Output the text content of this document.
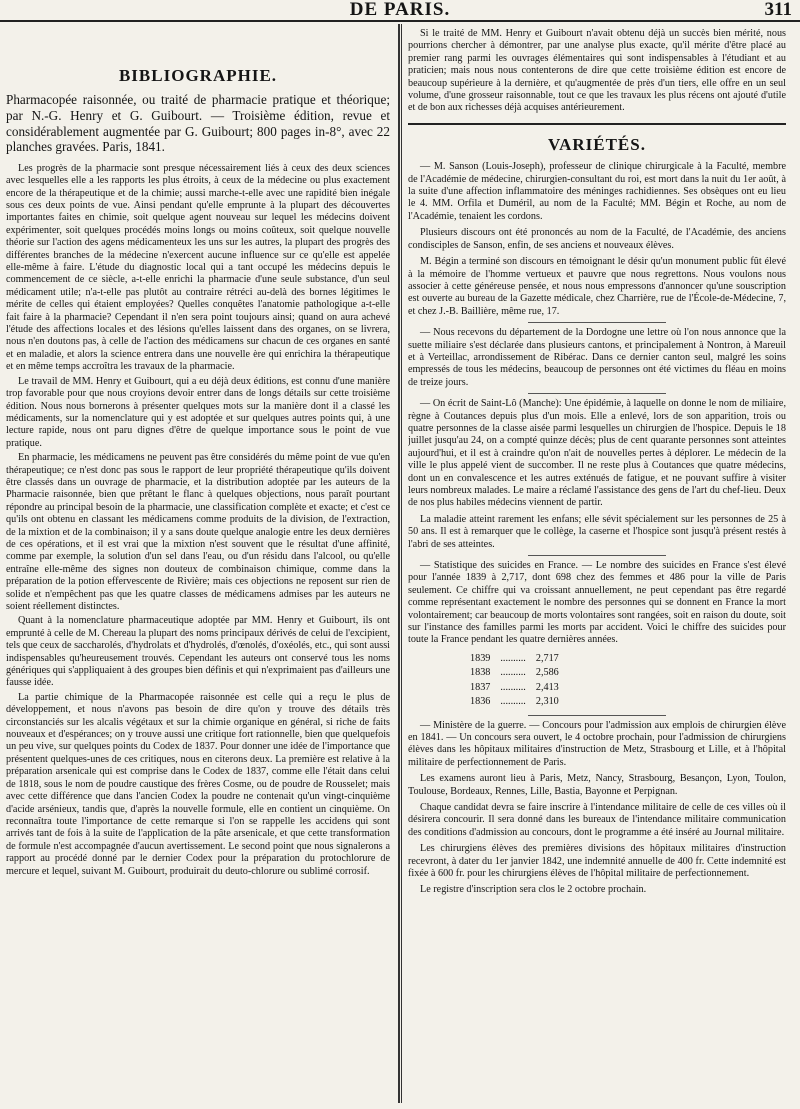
DE PARIS.	311
BIBLIOGRAPHIE.
Pharmacopée raisonnée, ou traité de pharmacie pratique et théorique; par N.-G. Henry et G. Guibourt. — Troisième édition, revue et considérablement augmentée par G. Guibourt; 800 pages in-8°, avec 22 planches gravées. Paris, 1841.

Les progrès de la pharmacie sont presque nécessairement liés à ceux des deux sciences avec lesquelles elle a les rapports les plus étroits, à ceux de la médecine ou plus exactement encore de la thérapeutique et de la chimie; aussi marche-t-elle avec une rapidité bien inégale sous ces deux points de vue. Ainsi pendant qu'elle emprunte à la plupart des découvertes importantes faites en chimie, soit quelque agent nouveau sur lequel les médecins doivent expérimenter, soit quelques procédés moins longs ou moins coûteux, soit quelque nouvelle théorie sur l'action des agens médicamenteux les uns sur les autres, la plupart des progrès des différentes branches de la médecine n'exercent aucune influence sur ce qu'elle est appelée elle-même à faire. L'étude du diagnostic local qui a tant occupé les médecins depuis le commencement de ce siècle, a-t-elle enrichi la pharmacie d'une seule substance, d'un seul médicament utile; n'a-t-elle pas plutôt au contraire rétréci au-delà des bornes légitimes le mérite de celles qui étaient employées? Quelles conquêtes l'anatomie pathologique a-t-elle fait faire à la pharmacie? Cependant il n'en sera point toujours ainsi; quand on aura achevé l'étude des affections locales et des lésions qu'elles laissent dans des organes, on se livrera, nous n'en doutons pas, à celle de l'action des médicamens sur chacun de ces organes en santé et en maladie, et alors la science entrera dans une nouvelle ère qui enrichira la thérapeutique et en même temps accroîtra les travaux de la pharmacie.

Le travail de MM. Henry et Guibourt, qui a eu déjà deux éditions, est connu d'une manière trop favorable pour que nous croyions devoir entrer dans de longs détails sur cette troisième édition. Nous nous bornerons à présenter quelques mots sur la manière dont il a classé les médicaments, sur la nomenclature qui y est adoptée et sur quelques autres points qui, à une lecture rapide, nous ont paru dignes d'être de quelque importance sous le point de vue pratique.

En pharmacie, les médicamens ne peuvent pas être considérés du même point de vue qu'en thérapeutique; ce n'est donc pas sous le rapport de leur propriété thérapeutique qu'ils doivent être classés dans un ouvrage de pharmacie, et la distribution adoptée par les auteurs de la Pharmacie raisonnée, bien que prêtant le flanc à quelques objections, nous paraît pourtant répondre au principal besoin de la pharmacie, une classification complète et exacte; et c'est ce qu'ils ont obtenu en classant les médicamens comme produits de la division, de l'extraction, de la mixtion et de la combinaison; il y a sans doute quelque analogie entre les deux dernières de ces opérations, et il est vrai que la mixtion n'est souvent que le résultat d'une affinité, comme par exemple, la solution d'un sel dans l'eau, ou d'un résidu dans l'alcool, ou qu'elle entraîne elle-même des signes non douteux de combinaison chimique, comme dans la préparation de la potion effervescente de Rivière; mais ces objections ne reposent sur rien de solide et n'empêchent pas que les quatre classes de médicamens admises par les auteurs ne soient réellement distinctes.

Quant à la nomenclature pharmaceutique adoptée par MM. Henry et Guibourt, ils ont emprunté à celle de M. Chereau la plupart des noms principaux dérivés de celui de l'excipient, tels que ceux de saccharolés, d'hydrolats et d'hydrolés, d'œnolés, d'oxéolés, etc., qui sont aussi indispensables qu'heureusement trouvés. Cependant les auteurs ont conservé tous les noms génériques qui s'appliquaient à des groupes bien définis et qui n'exprimaient pas d'ailleurs une fausse idée.

La partie chimique de la Pharmacopée raisonnée est celle qui a reçu le plus de développement, et nous n'avons pas besoin de dire qu'on y trouve des détails très circonstanciés sur les alcalis végétaux et sur la chimie organique en général, si riche de faits nouveaux et d'espérances; on y trouve aussi une critique fort rationnelle, bien que quelquefois un peu vive, sur quelques points du Codex de 1837. Pour donner une idée de l'importance que présentent quelques-unes de ces critiques, nous en citerons deux. La première est relative à la préparation arsenicale qui est comprise dans le Codex de 1837, comme elle l'était dans celui de 1818, sous le nom de poudre caustique des frères Cosme, ou de poudre de Rousselet; mais avec cette différence que dans l'ancien Codex la poudre ne contenait qu'un vingt-cinquième d'acide arsénieux, tandis que, d'après la nouvelle formule, elle en contient un cinquième. On reconnaîtra toute l'importance de cette remarque si l'on se rappelle les accidens qui sont arrivés tant de fois à la suite de l'application de la pâte arsenicale, et que cette transformation de formule n'est accompagnée d'aucun avertissement. Le second point que nous signalerons a rapport au procédé donné par le dernier Codex pour la préparation du protochlorure de mercure et lequel, suivant M. Guibourt, produirait du deuto-chlorure ou sublimé corrosif.

Si le traité de MM. Henry et Guibourt n'avait obtenu déjà un succès bien mérité, nous pourrions chercher à démontrer, par une analyse plus exacte, qu'il mérite d'être placé au premier rang parmi les ouvrages élémentaires qui sont indispensables à l'étudiant et au praticien; mais nous nous contenterons de dire que cette troisième édition est encore de beaucoup supérieure à la dernière, et qu'augmentée de près d'un tiers, elle offre en un seul volume, d'une grosseur raisonnable, tout ce que les travaux les plus récens ont ajouté d'utile et de bon aux richesses déjà acquises antérieurement.

VARIÉTÉS.

— M. Sanson (Louis-Joseph), professeur de clinique chirurgicale à la Faculté, membre de l'Académie de médecine, chirurgien-consultant du roi, est mort dans la nuit du 1er août, à la suite d'une affection inflammatoire des méninges rachidiennes. Ses obsèques ont eu lieu le 4. MM. Orfila et Duméril, au nom de la Faculté; MM. Bégin et Roche, au nom de l'Académie, tenaient les cordons.

Plusieurs discours ont été prononcés au nom de la Faculté, de l'Académie, des anciens condisciples de Sanson, enfin, de ses anciens et nouveaux élèves.

M. Bégin a terminé son discours en témoignant le désir qu'un monument public fût élevé à la mémoire de l'homme vertueux et pauvre que nous regrettons. Nous voulons nous associer à cette généreuse pensée, et nous nous empressons d'annoncer qu'une souscription est ouverte au bureau de la Gazette médicale, chez Charrière, rue de l'École-de-Médecine, 7, et chez J.-B. Baillière, même rue, 17.

— Nous recevons du département de la Dordogne une lettre où l'on nous annonce que la suette miliaire s'est déclarée dans plusieurs cantons, et principalement à Nontron, à Mareuil et à Verteillac, arrondissement de Ribérac. Dans ce dernier canton seul, malgré les soins empressés de tous les médecins, beaucoup de personnes ont été victimes du fléau en moins de treize jours.

— On écrit de Saint-Lô (Manche): Une épidémie, à laquelle on donne le nom de miliaire, règne à Coutances depuis plus d'un mois. Elle a enlevé, lors de son apparition, trois ou quatre personnes de la classe aisée parmi lesquelles un chirurgien de l'hospice. Depuis le 18 juillet jusqu'au 24, on a compté quinze décès; plus de cent quarante personnes sont atteintes aujourd'hui, et il est à craindre qu'on n'ait de nouvelles pertes à déplorer. Le médecin de la ville le plus appelé vient de succomber. Il ne reste plus à Coutances que quatre médecins, dont un en convalescence et les autres exténués de fatigue, et ne pouvant suffire à visiter leurs nombreux malades. Le maire a réclamé l'assistance des gens de l'art du chef-lieu. Deux de nos plus habiles médecins viennent de partir.

La maladie atteint rarement les enfans; elle sévit spécialement sur les personnes de 25 à 50 ans. Il est à remarquer que le collège, la caserne et l'hospice sont jusqu'à présent restés à l'abri de ses atteintes.

— Statistique des suicides en France. — Le nombre des suicides en France s'est élevé pour l'année 1839 à 2,717, dont 698 chez des femmes et 486 pour la ville de Paris seulement. Ce chiffre qui va croissant annuellement, ne peut cependant pas être regardé comme représentant exactement le nombre des personnes qui se donnent en France la mort volontairement; car beaucoup de morts volontaires sont rangées, soit en raison du doute, soit sur l'instance des familles parmi les morts par accident. Voici le chiffre des suicides pour toute la France pendant les quatre dernières années.

1839	..........	2,717
1838	..........	2,586
1837	..........	2,413
1836	..........	2,310

— Ministère de la guerre. — Concours pour l'admission aux emplois de chirurgien élève en 1841. — Un concours sera ouvert, le 4 octobre prochain, pour l'admission de chirurgiens élèves dans les hôpitaux militaires d'instruction de Metz, Strasbourg et Lille, et à l'hôpital militaire de perfectionnement de Paris.

Les examens auront lieu à Paris, Metz, Nancy, Strasbourg, Besançon, Lyon, Toulon, Toulouse, Bordeaux, Rennes, Lille, Bastia, Bayonne et Perpignan.

Chaque candidat devra se faire inscrire à l'intendance militaire de celle de ces villes où il désirera concourir. Il sera donné dans les bureaux de l'intendance militaire communication des conditions d'admission au concours, dont le programme a été inséré au Journal militaire.

Les chirurgiens élèves des premières divisions des hôpitaux militaires d'instruction recevront, à dater du 1er janvier 1842, une indemnité annuelle de 400 fr. Cette indemnité est fixée à 600 fr. pour les chirurgiens élèves de l'hôpital militaire de perfectionnement.

Le registre d'inscription sera clos le 2 octobre prochain.
